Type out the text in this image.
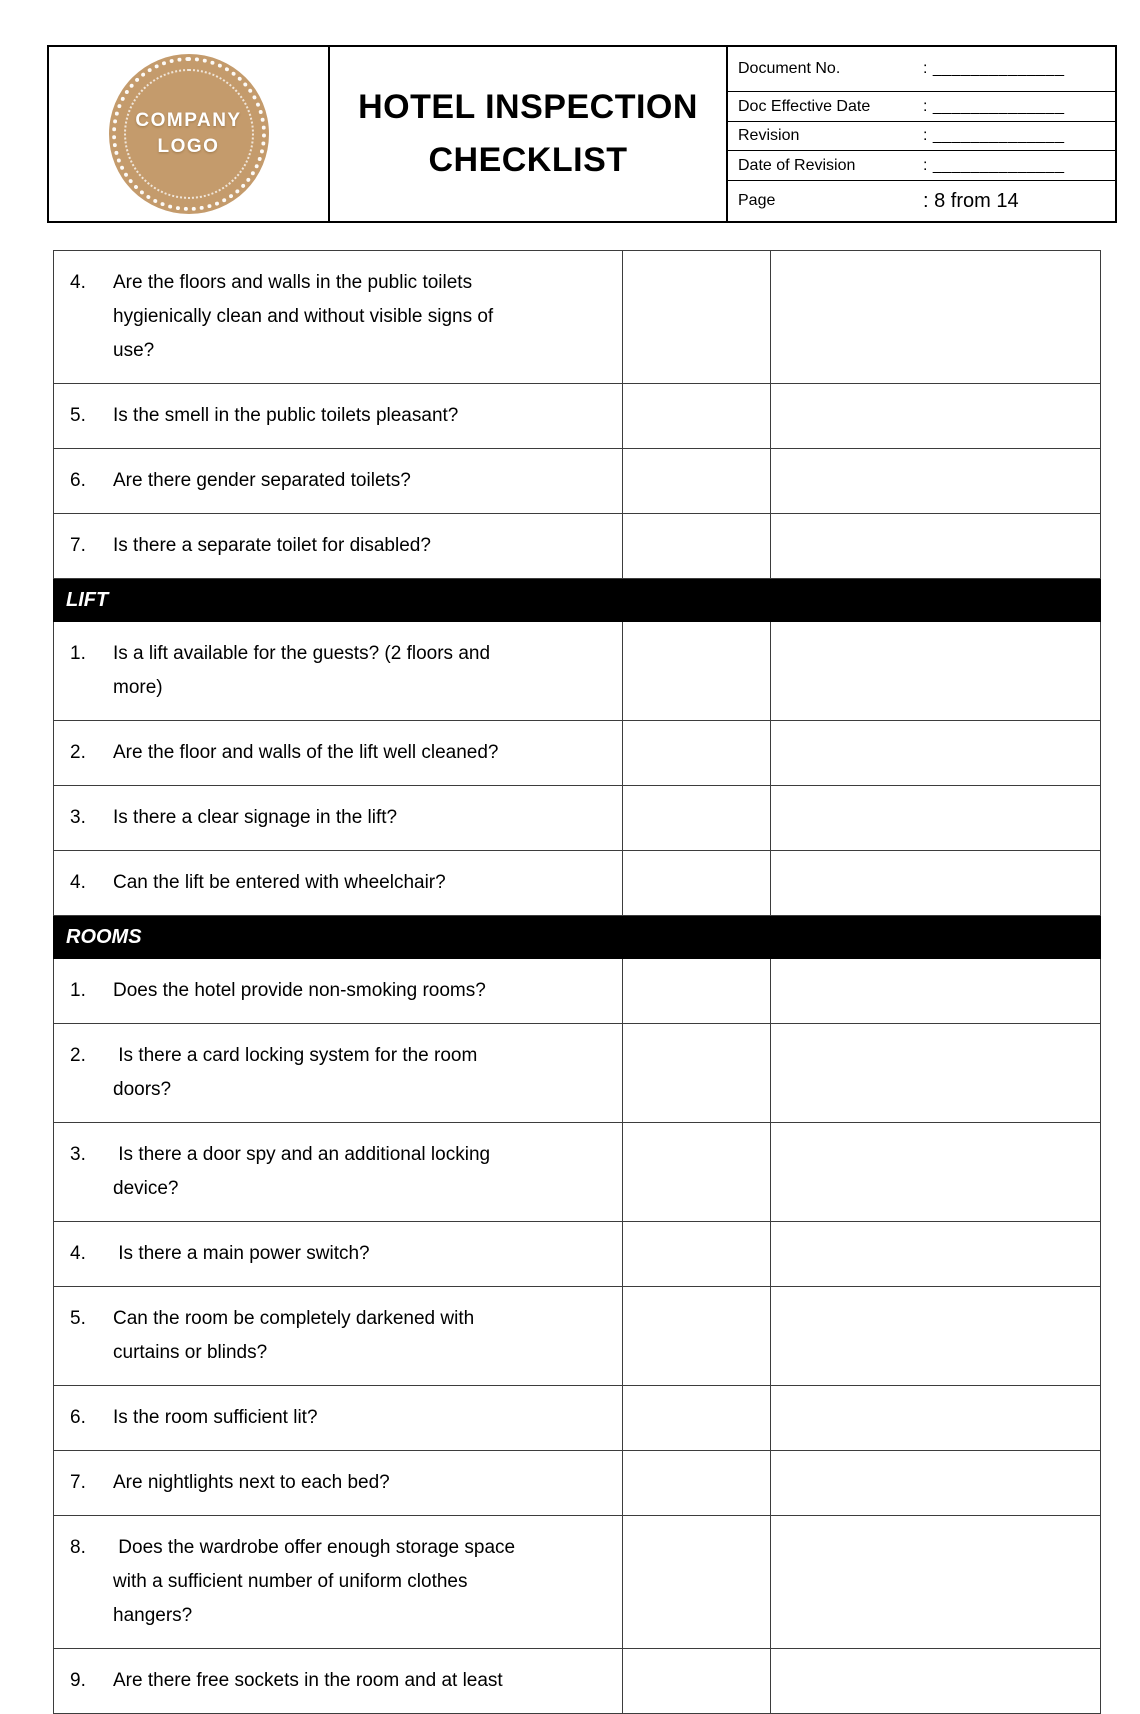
COMPANY
LOGO
HOTEL INSPECTION
CHECKLIST
Document No.	: ______________
Doc Effective Date	: ______________
Revision	: ______________
Date of Revision	: ______________
Page	: 8 from 14
4. Are the floors and walls in the public toilets hygienically clean and without visible signs of use?		

5. Is the smell in the public toilets pleasant?		

6. Are there gender separated toilets?		

7. Is there a separate toilet for disabled?		

LIFT		

1. Is a lift available for the guests? (2 floors and more)		

2. Are the floor and walls of the lift well cleaned?		

3. Is there a clear signage in the lift?		

4. Can the lift be entered with wheelchair?		

ROOMS		

1. Does the hotel provide non-smoking rooms?		

2. Is there a card locking system for the room doors?		

3. Is there a door spy and an additional locking device?		

4. Is there a main power switch?		

5. Can the room be completely darkened with curtains or blinds?		

6. Is the room sufficient lit?		

7. Are nightlights next to each bed?		

8. Does the wardrobe offer enough storage space with a sufficient number of uniform clothes hangers?		

9. Are there free sockets in the room and at least		
